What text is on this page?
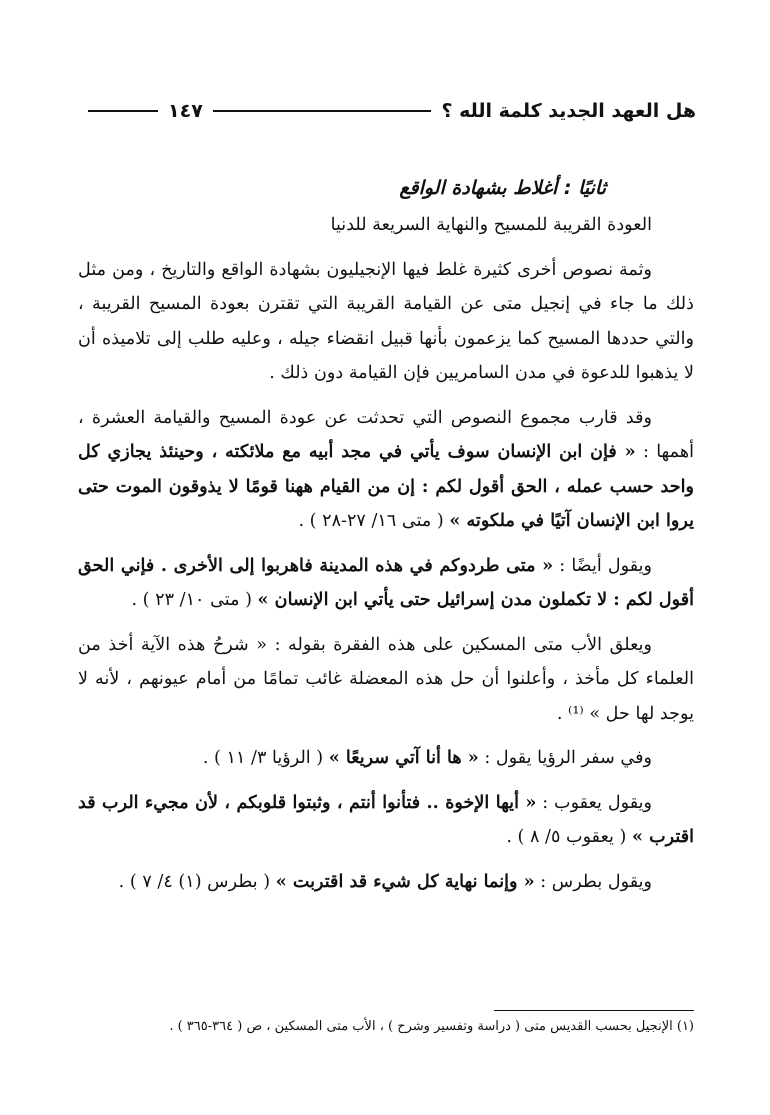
هل العهد الجديد كلمة الله ؟
١٤٧

ثانيًا : أغلاط بشهادة الواقع

العودة القريبة للمسيح والنهاية السريعة للدنيا

وثمة نصوص أخرى كثيرة غلط فيها الإنجيليون بشهادة الواقع والتاريخ ، ومن مثل ذلك ما جاء في إنجيل متى عن القيامة القريبة التي تقترن بعودة المسيح القريبة ، والتي حددها المسيح كما يزعمون بأنها قبيل انقضاء جيله ، وعليه طلب إلى تلاميذه أن لا يذهبوا للدعوة في مدن السامريين فإن القيامة دون ذلك .

وقد قارب مجموع النصوص التي تحدثت عن عودة المسيح والقيامة العشرة ، أهمها : « فإن ابن الإنسان سوف يأتي في مجد أبيه مع ملائكته ، وحينئذ يجازي كل واحد حسب عمله ، الحق أقول لكم : إن من القيام ههنا قومًا لا يذوقون الموت حتى يروا ابن الإنسان آتيًا في ملكوته » ( متى ١٦/ ٢٧-٢٨ ) .

ويقول أيضًا : « متى طردوكم في هذه المدينة فاهربوا إلى الأخرى . فإني الحق أقول لكم : لا تكملون مدن إسرائيل حتى يأتي ابن الإنسان » ( متى ١٠/ ٢٣ ) .

ويعلق الأب متى المسكين على هذه الفقرة بقوله : « شرحُ هذه الآية أخذ من العلماء كل مأخذ ، وأعلنوا أن حل هذه المعضلة غائب تمامًا من أمام عيونهم ، لأنه لا يوجد لها حل » ⁽¹⁾ .

وفي سفر الرؤيا يقول : « ها أنا آتي سريعًا » ( الرؤيا ٣/ ١١ ) .

ويقول يعقوب : « أيها الإخوة .. فتأنوا أنتم ، وثبتوا قلوبكم ، لأن مجيء الرب قد اقترب » ( يعقوب ٥/ ٨ ) .

ويقول بطرس : « وإنما نهاية كل شيء قد اقتربت » ( بطرس (١) ٤/ ٧ ) .

(١) الإنجيل بحسب القديس متى ( دراسة وتفسير وشرح ) ، الأب متى المسكين ، ص ( ٣٦٤-٣٦٥ ) .
